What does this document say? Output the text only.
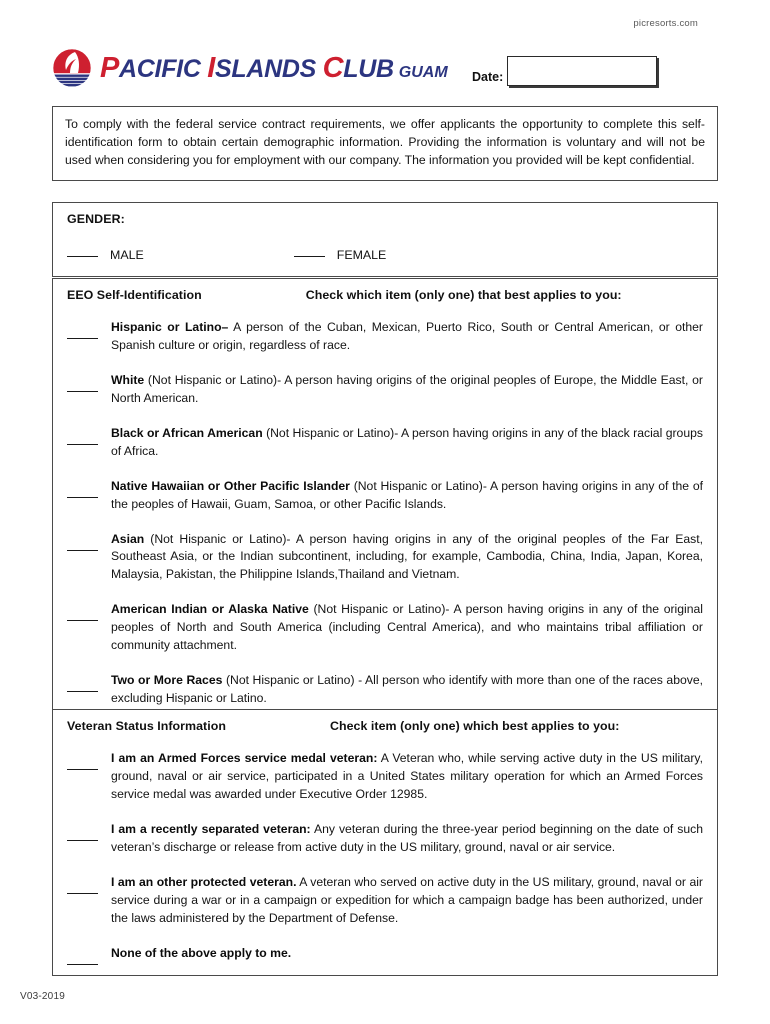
picresorts.com
PACIFIC ISLANDS CLUB GUAM Date:
To comply with the federal service contract requirements, we offer applicants the opportunity to complete this self-identification form to obtain certain demographic information. Providing the information is voluntary and will not be used when considering you for employment with our company. The information you provided will be kept confidential.
GENDER:
MALE	FEMALE
EEO Self-Identification	Check which item (only one) that best applies to you:
Hispanic or Latino– A person of the Cuban, Mexican, Puerto Rico, South or Central American, or other Spanish culture or origin, regardless of race.
White (Not Hispanic or Latino)- A person having origins of the original peoples of Europe, the Middle East, or North American.
Black or African American (Not Hispanic or Latino)- A person having origins in any of the black racial groups of Africa.
Native Hawaiian or Other Pacific Islander (Not Hispanic or Latino)- A person having origins in any of the of the peoples of Hawaii, Guam, Samoa, or other Pacific Islands.
Asian (Not Hispanic or Latino)- A person having origins in any of the original peoples of the Far East, Southeast Asia, or the Indian subcontinent, including, for example, Cambodia, China, India, Japan, Korea, Malaysia, Pakistan, the Philippine Islands,Thailand and Vietnam.
American Indian or Alaska Native (Not Hispanic or Latino)- A person having origins in any of the original peoples of North and South America (including Central America), and who maintains tribal affiliation or community attachment.
Two or More Races (Not Hispanic or Latino) - All person who identify with more than one of the races above, excluding Hispanic or Latino.
Veteran Status Information	Check item (only one) which best applies to you:
I am an Armed Forces service medal veteran: A Veteran who, while serving active duty in the US military, ground, naval or air service, participated in a United States military operation for which an Armed Forces service medal was awarded under Executive Order 12985.
I am a recently separated veteran: Any veteran during the three-year period beginning on the date of such veteran’s discharge or release from active duty in the US military, ground, naval or air service.
I am an other protected veteran. A veteran who served on active duty in the US military, ground, naval or air service during a war or in a campaign or expedition for which a campaign badge has been authorized, under the laws administered by the Department of Defense.
None of the above apply to me.
V03-2019
